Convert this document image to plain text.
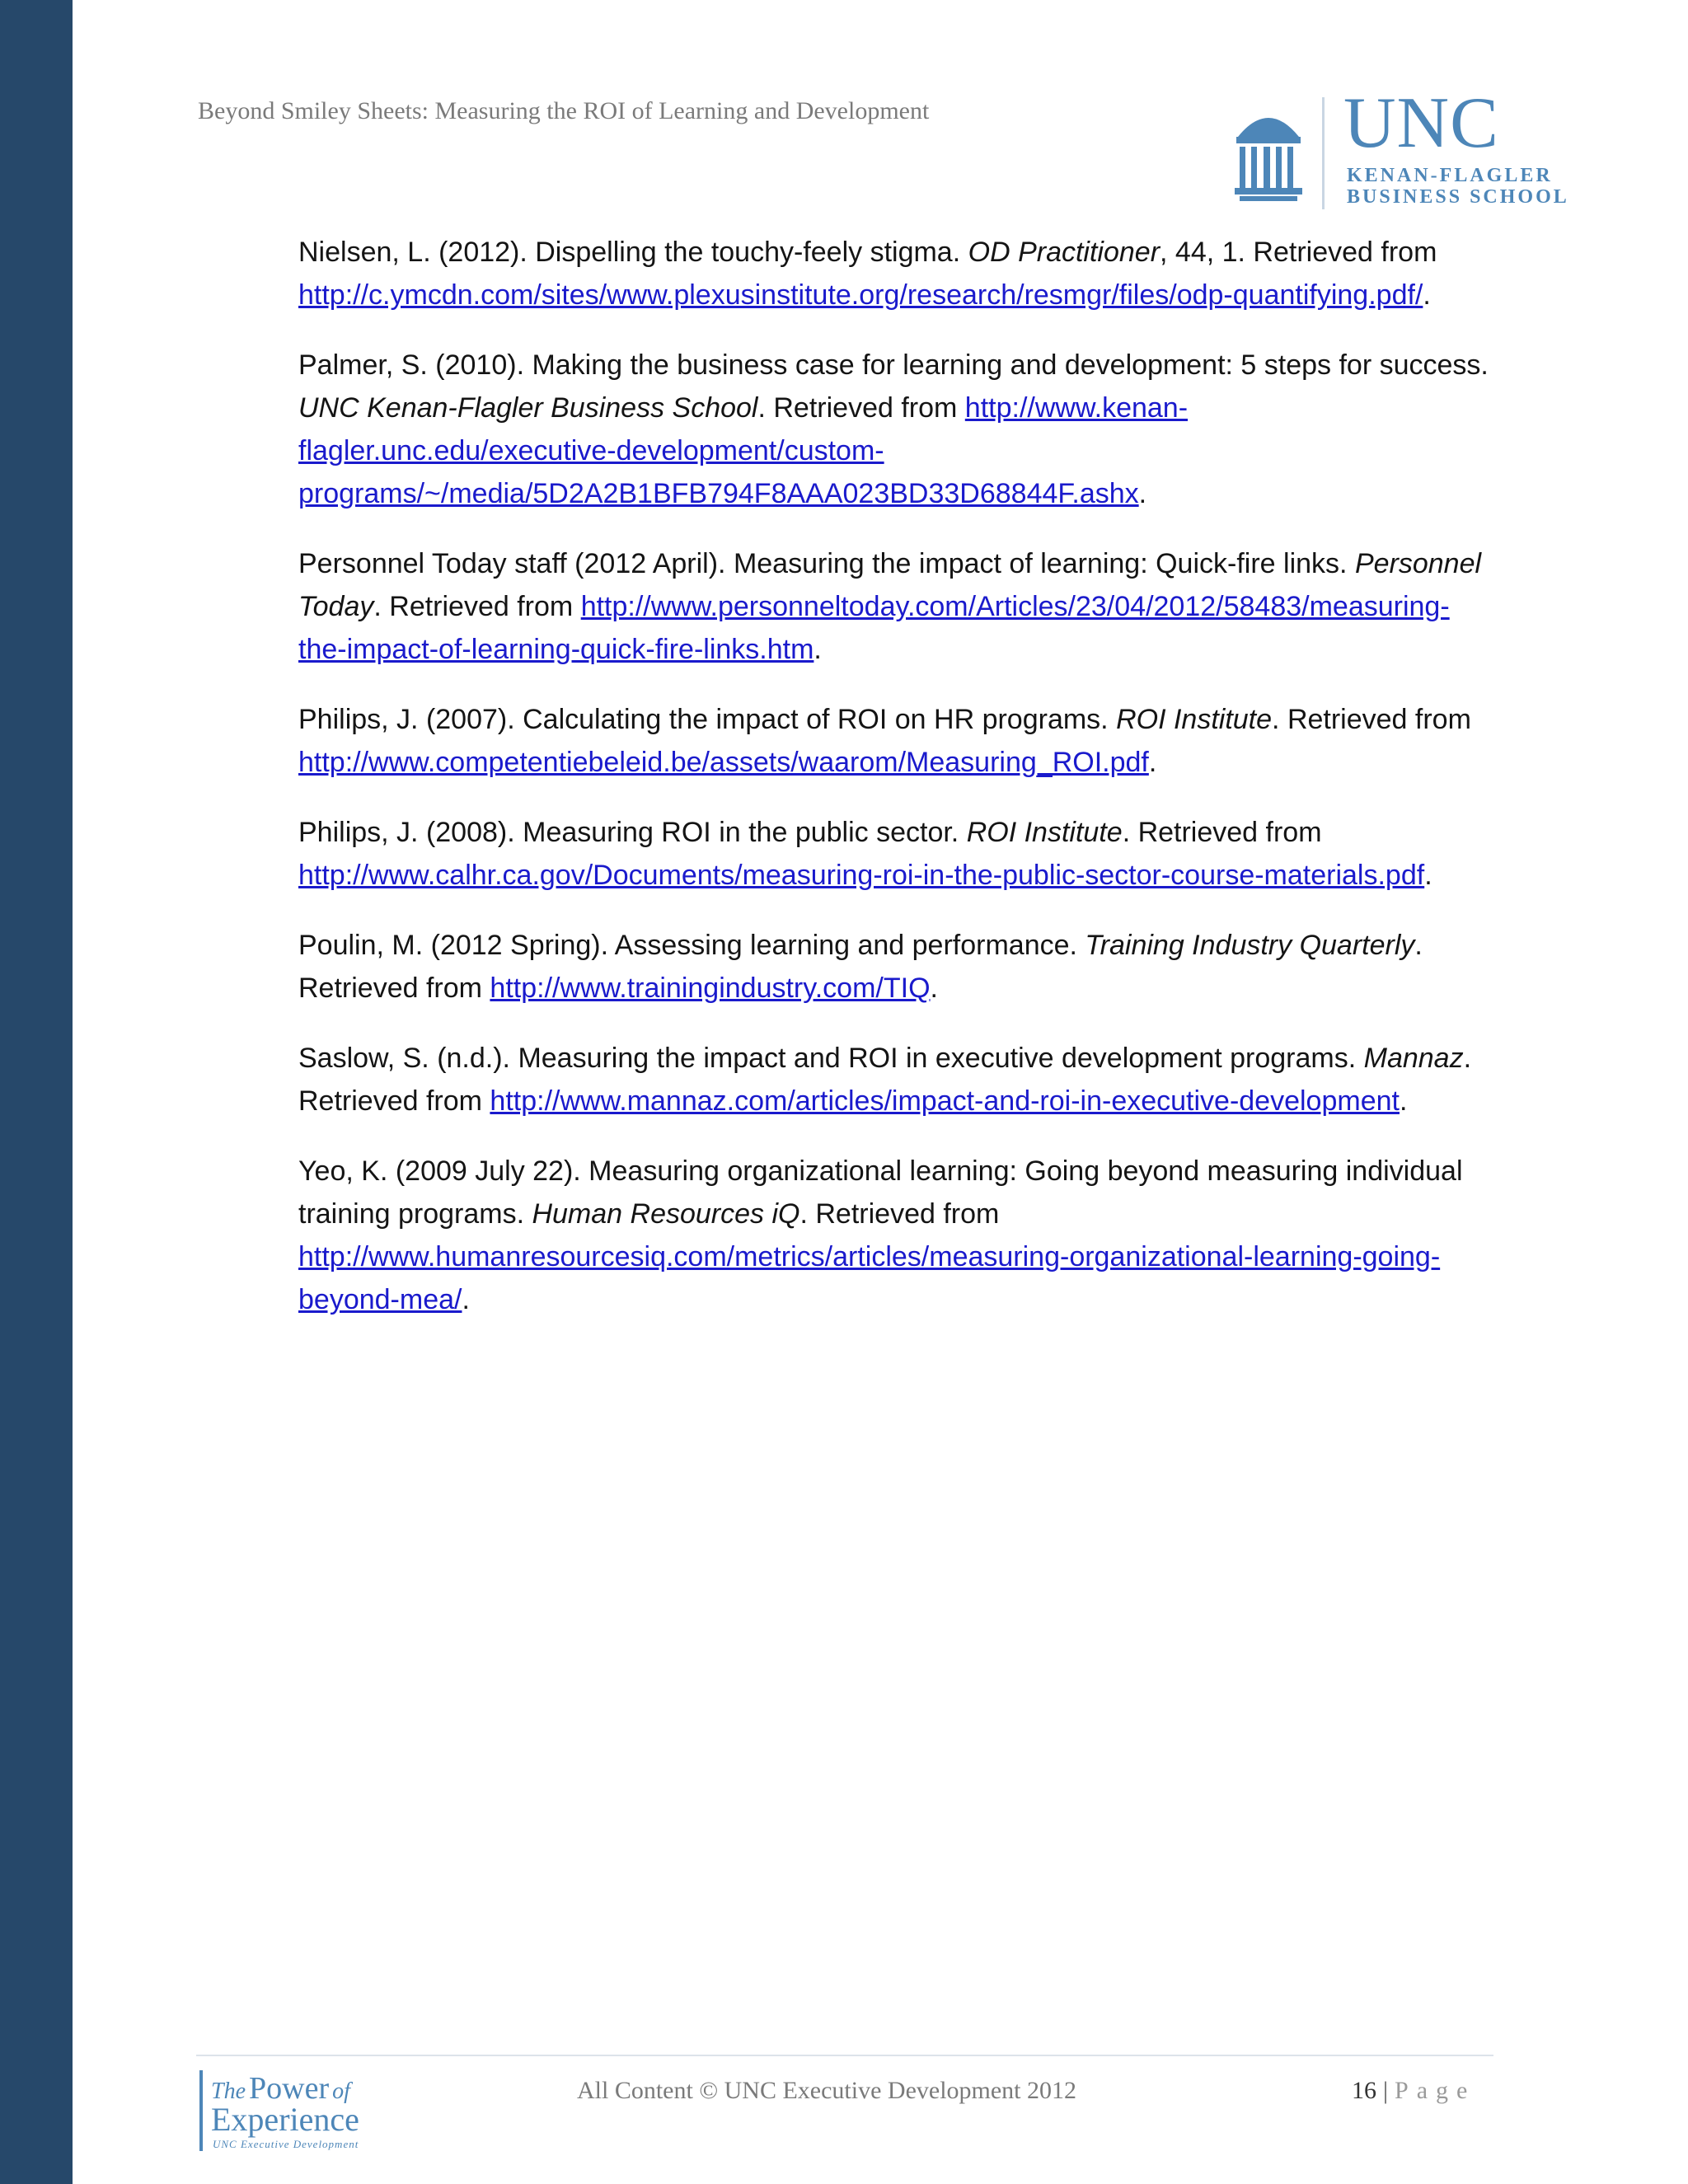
Beyond Smiley Sheets: Measuring the ROI of Learning and Development	UNC
KENAN-FLAGLER
BUSINESS SCHOOL

Nielsen, L. (2012). Dispelling the touchy-feely stigma. OD Practitioner, 44, 1. Retrieved from http://c.ymcdn.com/sites/www.plexusinstitute.org/research/resmgr/files/odp-quantifying.pdf/.

Palmer, S. (2010). Making the business case for learning and development: 5 steps for success. UNC Kenan-Flagler Business School. Retrieved from http://www.kenan-flagler.unc.edu/executive-development/custom-programs/~/media/5D2A2B1BFB794F8AAA023BD33D68844F.ashx.

Personnel Today staff (2012 April). Measuring the impact of learning: Quick-fire links. Personnel Today. Retrieved from http://www.personneltoday.com/Articles/23/04/2012/58483/measuring-the-impact-of-learning-quick-fire-links.htm.

Philips, J. (2007). Calculating the impact of ROI on HR programs. ROI Institute. Retrieved from http://www.competentiebeleid.be/assets/waarom/Measuring_ROI.pdf.

Philips, J. (2008). Measuring ROI in the public sector. ROI Institute. Retrieved from http://www.calhr.ca.gov/Documents/measuring-roi-in-the-public-sector-course-materials.pdf.

Poulin, M. (2012 Spring). Assessing learning and performance. Training Industry Quarterly. Retrieved from http://www.trainingindustry.com/TIQ.

Saslow, S. (n.d.). Measuring the impact and ROI in executive development programs. Mannaz. Retrieved from http://www.mannaz.com/articles/impact-and-roi-in-executive-development.

Yeo, K. (2009 July 22). Measuring organizational learning: Going beyond measuring individual training programs. Human Resources iQ. Retrieved from http://www.humanresourcesiq.com/metrics/articles/measuring-organizational-learning-going-beyond-mea/.

The Power of
Experience
UNC Executive Development
All Content © UNC Executive Development 2012	16 | Page
